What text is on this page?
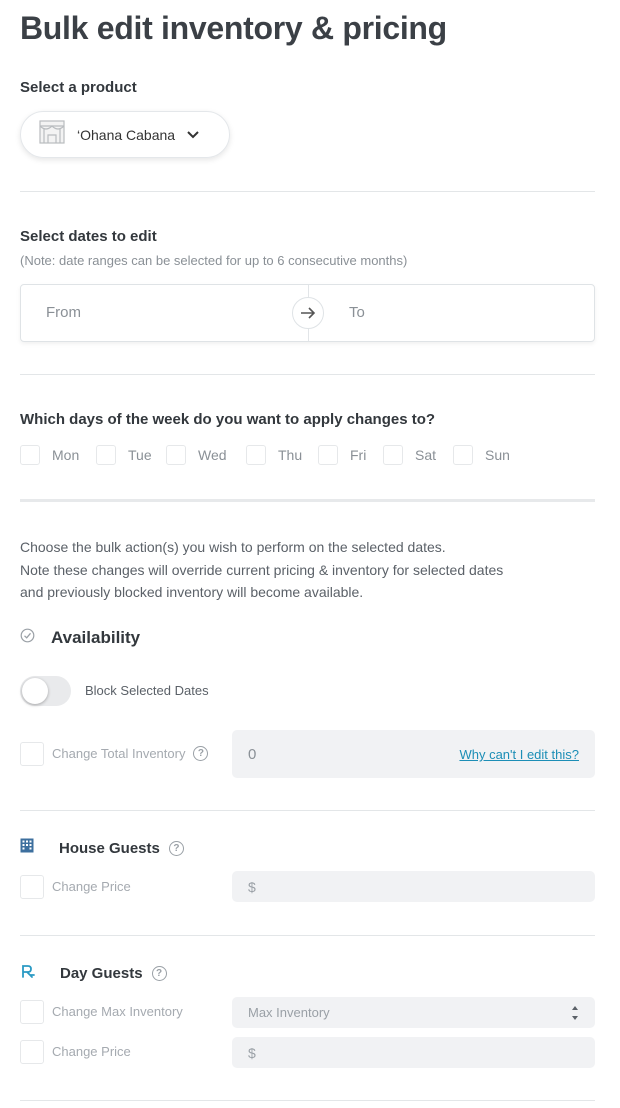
Bulk edit inventory & pricing
Select a product
‘Ohana Cabana
Select dates to edit
(Note: date ranges can be selected for up to 6 consecutive months)
From	To
Which days of the week do you want to apply changes to?
Mon	Tue	Wed	Thu	Fri	Sat	Sun
Choose the bulk action(s) you wish to perform on the selected dates.
Note these changes will override current pricing & inventory for selected dates
and previously blocked inventory will become available.
Availability
Block Selected Dates
Change Total Inventory	?	0	Why can't I edit this?
House Guests	?
Change Price	$
Day Guests	?
Change Max Inventory	Max Inventory
Change Price	$
